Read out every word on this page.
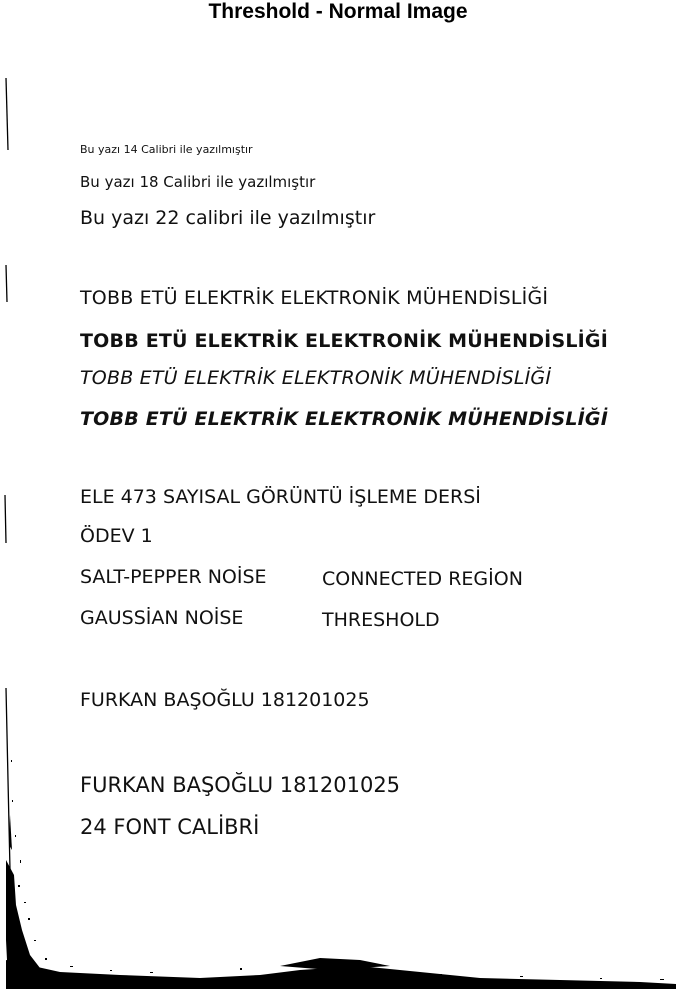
Threshold - Normal Image
Bu yazı 14 Calibri ile yazılmıştır
Bu yazı 18 Calibri ile yazılmıştır
Bu yazı 22 calibri ile yazılmıştır
TOBB ETÜ ELEKTRİK ELEKTRONİK MÜHENDİSLİĞİ
TOBB ETÜ ELEKTRİK ELEKTRONİK MÜHENDİSLİĞİ
TOBB ETÜ ELEKTRİK ELEKTRONİK MÜHENDİSLİĞİ
TOBB ETÜ ELEKTRİK ELEKTRONİK MÜHENDİSLİĞİ
ELE 473 SAYISAL GÖRÜNTÜ İŞLEME DERSİ
ÖDEV 1
SALT-PEPPER NOİSE	CONNECTED REGİON
GAUSSİAN NOİSE	THRESHOLD
FURKAN BAŞOĞLU 181201025
FURKAN BAŞOĞLU 181201025
24 FONT CALİBRİ
